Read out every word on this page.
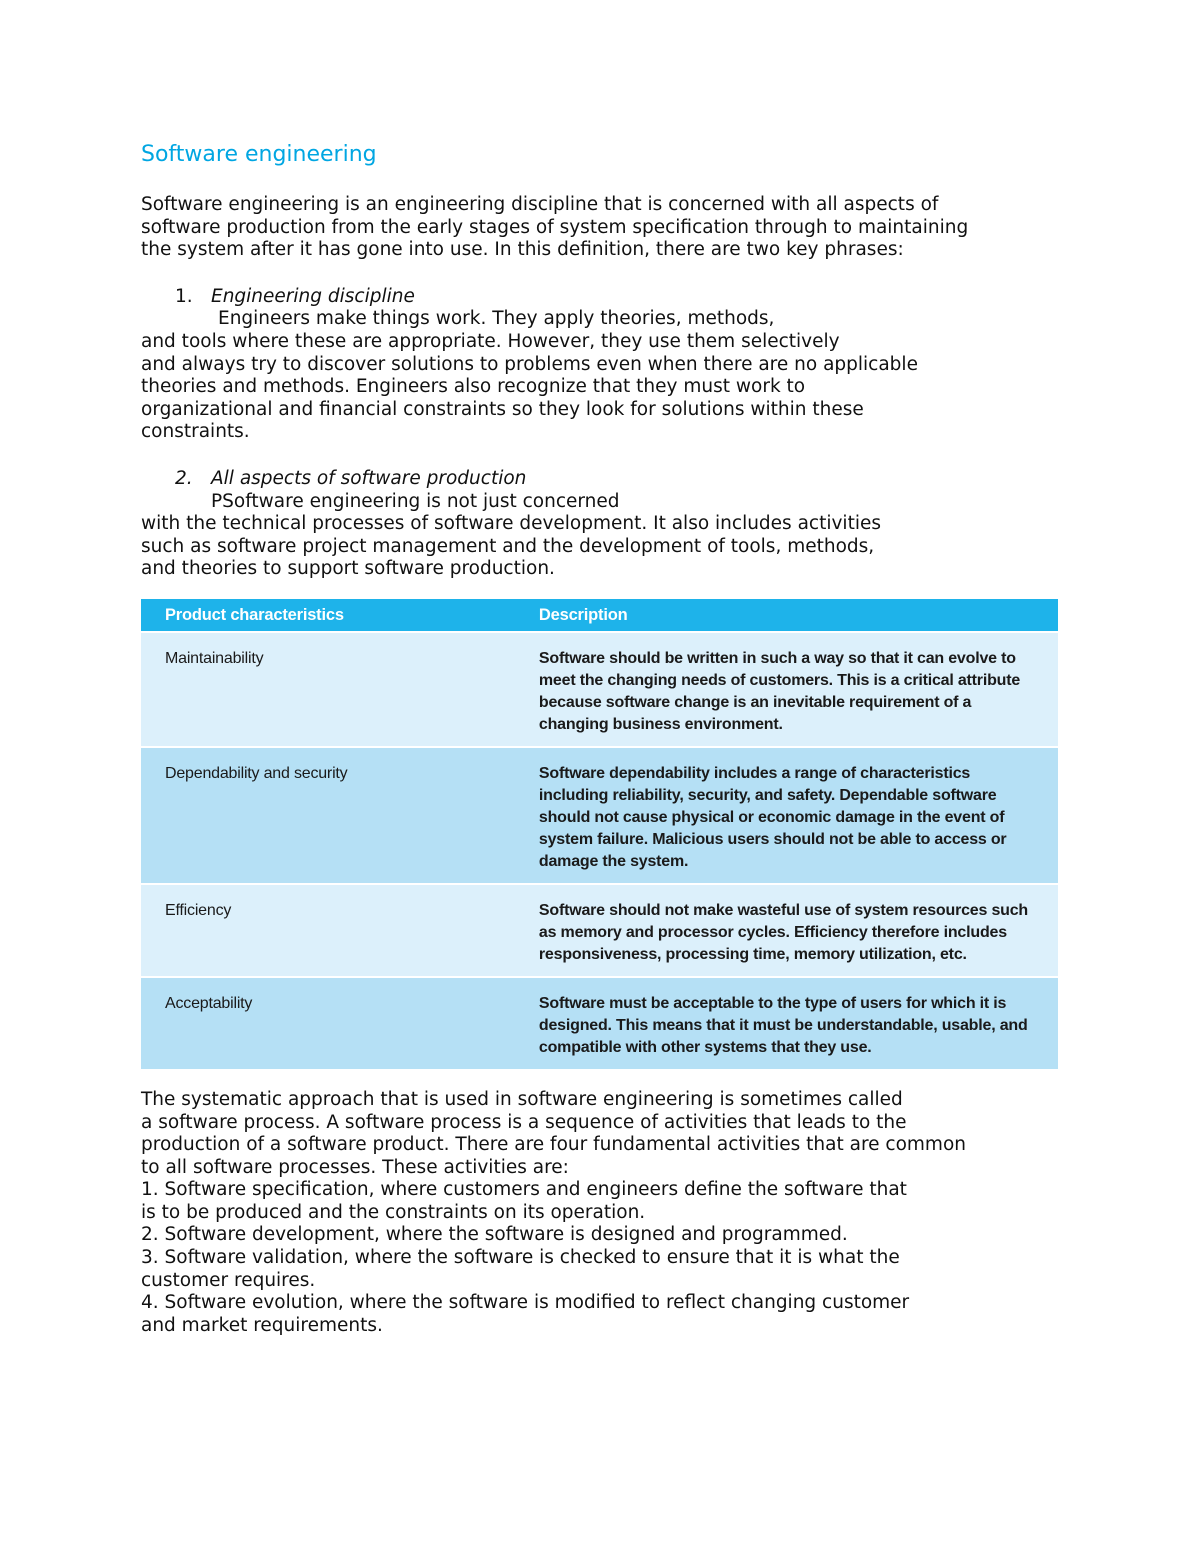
Software engineering

Software engineering is an engineering discipline that is concerned with all aspects of
software production from the early stages of system specification through to maintaining
the system after it has gone into use. In this definition, there are two key phrases:

1. Engineering discipline

Engineers make things work. They apply theories, methods,
and tools where these are appropriate. However, they use them selectively
and always try to discover solutions to problems even when there are no applicable
theories and methods. Engineers also recognize that they must work to
organizational and financial constraints so they look for solutions within these
constraints.

2. All aspects of software production

PSoftware engineering is not just concerned
with the technical processes of software development. It also includes activities
such as software project management and the development of tools, methods,
and theories to support software production.

Product characteristics	Description
Maintainability	Software should be written in such a way so that it can evolve to
meet the changing needs of customers. This is a critical attribute
because software change is an inevitable requirement of a
changing business environment.

Dependability and security	Software dependability includes a range of characteristics
including reliability, security, and safety. Dependable software
should not cause physical or economic damage in the event of
system failure. Malicious users should not be able to access or
damage the system.

Efficiency	Software should not make wasteful use of system resources such
as memory and processor cycles. Efficiency therefore includes
responsiveness, processing time, memory utilization, etc.

Acceptability	Software must be acceptable to the type of users for which it is
designed. This means that it must be understandable, usable, and
compatible with other systems that they use.

The systematic approach that is used in software engineering is sometimes called
a software process. A software process is a sequence of activities that leads to the
production of a software product. There are four fundamental activities that are common
to all software processes. These activities are:
1. Software specification, where customers and engineers define the software that
is to be produced and the constraints on its operation.
2. Software development, where the software is designed and programmed.
3. Software validation, where the software is checked to ensure that it is what the
customer requires.
4. Software evolution, where the software is modified to reflect changing customer
and market requirements.
